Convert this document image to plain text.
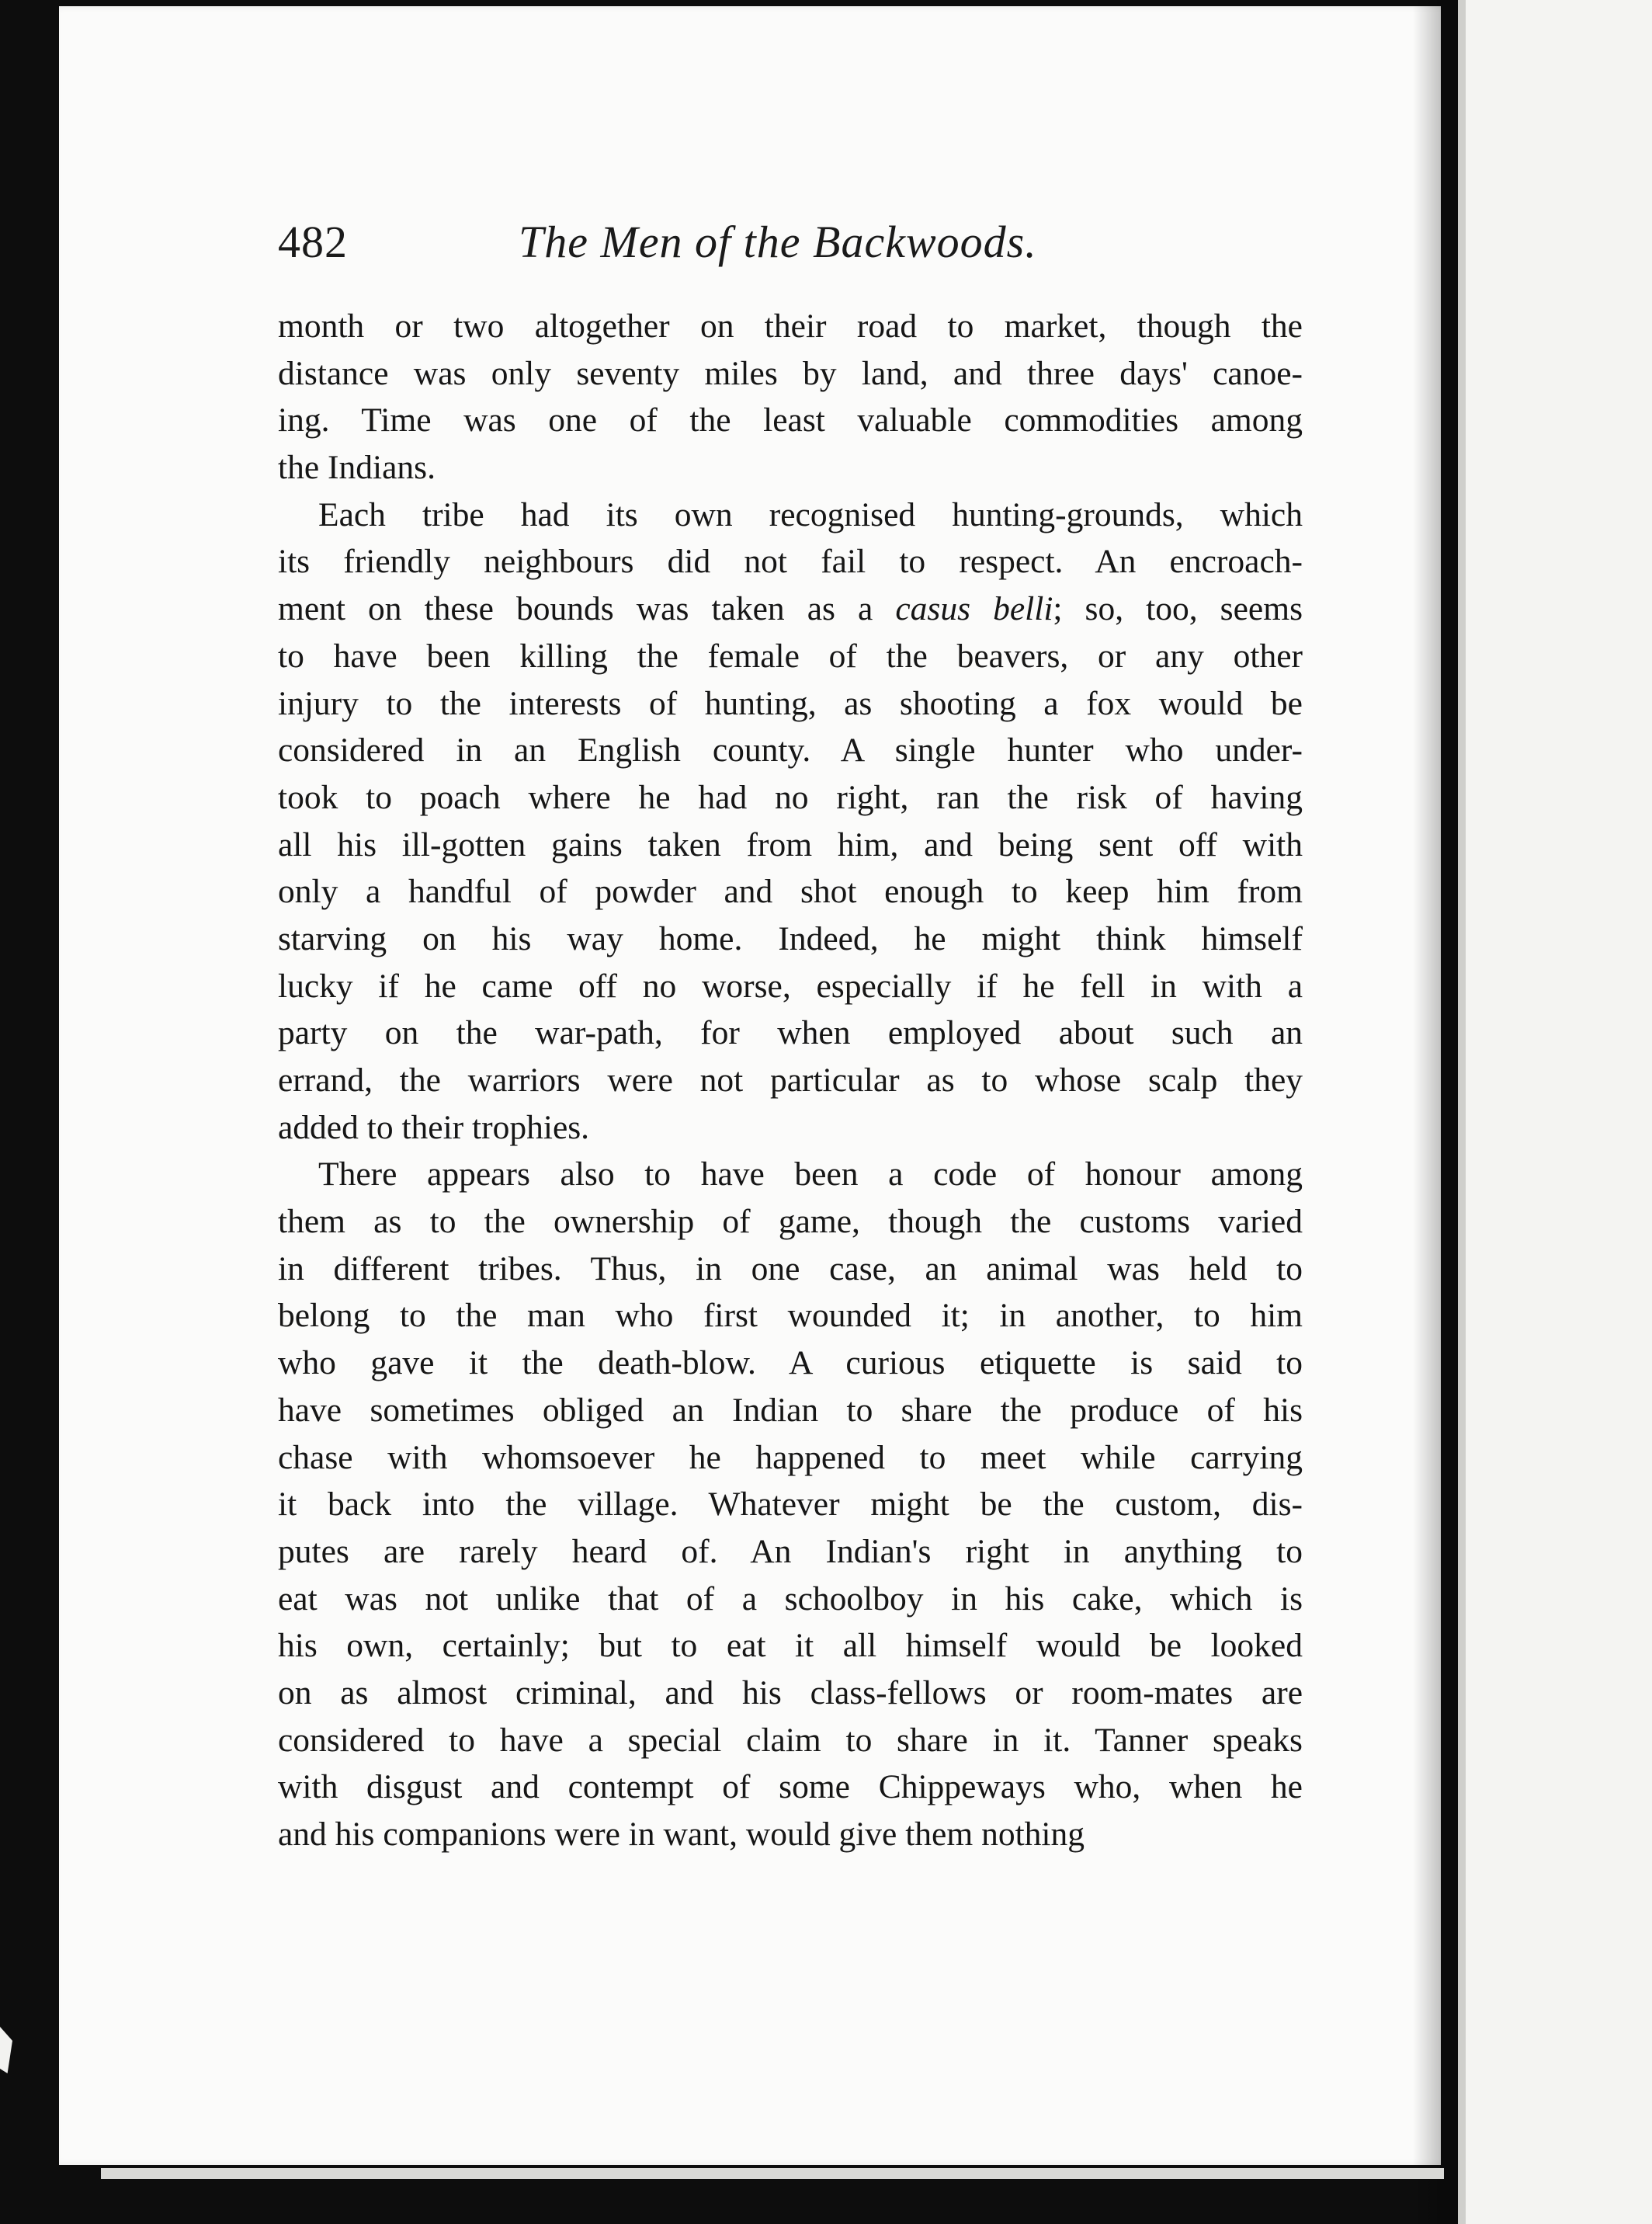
482	The Men of the Backwoods.
month or two altogether on their road to market, though the
distance was only seventy miles by land, and three days' canoe-
ing. Time was one of the least valuable commodities among
the Indians.
Each tribe had its own recognised hunting-grounds, which
its friendly neighbours did not fail to respect. An encroach-
ment on these bounds was taken as a casus belli; so, too, seems
to have been killing the female of the beavers, or any other
injury to the interests of hunting, as shooting a fox would be
considered in an English county. A single hunter who under-
took to poach where he had no right, ran the risk of having
all his ill-gotten gains taken from him, and being sent off with
only a handful of powder and shot enough to keep him from
starving on his way home. Indeed, he might think himself
lucky if he came off no worse, especially if he fell in with a
party on the war-path, for when employed about such an
errand, the warriors were not particular as to whose scalp they
added to their trophies.
There appears also to have been a code of honour among
them as to the ownership of game, though the customs varied
in different tribes. Thus, in one case, an animal was held to
belong to the man who first wounded it; in another, to him
who gave it the death-blow. A curious etiquette is said to
have sometimes obliged an Indian to share the produce of his
chase with whomsoever he happened to meet while carrying
it back into the village. Whatever might be the custom, dis-
putes are rarely heard of. An Indian's right in anything to
eat was not unlike that of a schoolboy in his cake, which is
his own, certainly; but to eat it all himself would be looked
on as almost criminal, and his class-fellows or room-mates are
considered to have a special claim to share in it. Tanner speaks
with disgust and contempt of some Chippeways who, when he
and his companions were in want, would give them nothing
